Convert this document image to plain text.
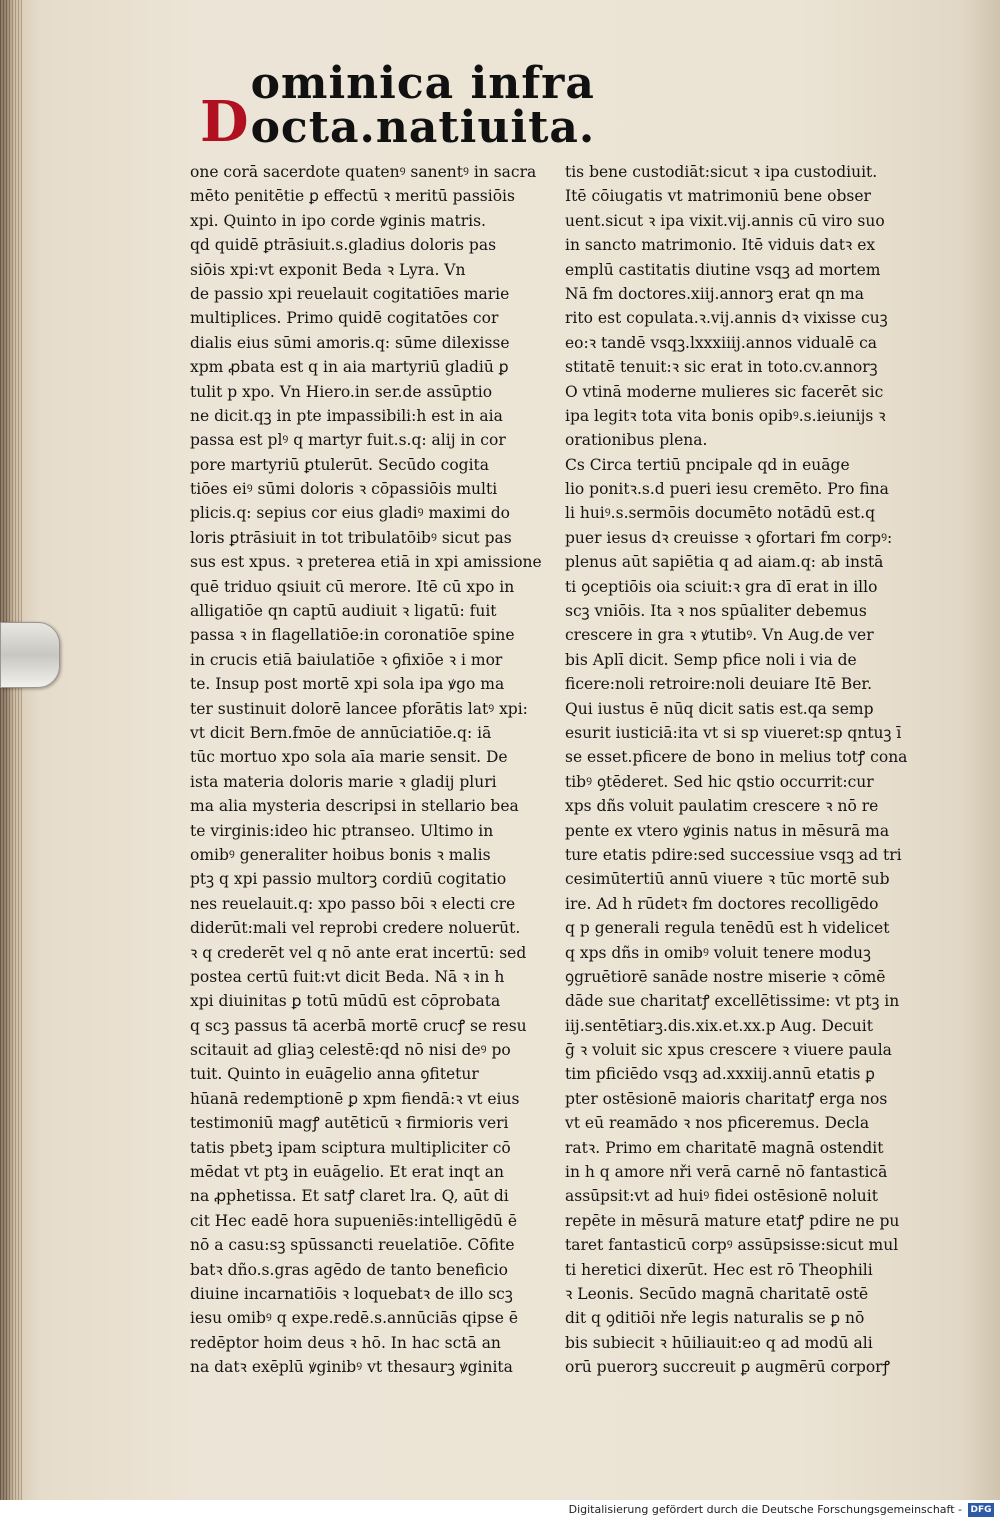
D
ominica infra octa.natiuita.
one corā sacerdote quatenꝰ sanentꝰ in sacra
mēto penitētie ꝑ effectū ꝛ meritū passiōis
xpi. Quinto in ipo corde ꝟginis matris.
qd quidē ꝑtrāsiuit.s.gladius doloris pas
siōis xpi:vt exponit Beda ꝛ Lyra. Vn
de passio xpi reuelauit cogitatiōes marie
multiplices. Primo quidē cogitatōes cor
dialis eius sūmi amoris.q: sūme dilexisse
xpm ꝓbata est q in aia martyriū gladiū ꝑ
tulit p xpo. Vn Hiero.in ser.de assūptio
ne dicit.qꝫ in pte impassibili:h est in aia
passa est plꝰ q martyr fuit.s.q: alij in cor
pore martyriū ꝑtulerūt. Secūdo cogita
tiōes eiꝰ sūmi doloris ꝛ cōpassiōis multi
plicis.q: sepius cor eius gladiꝰ maximi do
loris ꝑtrāsiuit in tot tribulatōibꝰ sicut pas
sus est xpus. ꝛ preterea etiā in xpi amissione
quē triduo qsiuit cū merore. Itē cū xpo in
alligatiōe qn captū audiuit ꝛ ligatū: fuit
passa ꝛ in flagellatiōe:in coronatiōe spine
in crucis etiā baiulatiōe ꝛ ꝯfixiōe ꝛ i mor
te. Insup post mortē xpi sola ipa ꝟgo ma
ter sustinuit dolorē lancee pforātis latꝰ xpi:
vt dicit Bern.fmōe de annūciatiōe.q: iā
tūc mortuo xpo sola aīa marie sensit. De
ista materia doloris marie ꝛ gladij pluri
ma alia mysteria descripsi in stellario bea
te virginis:ideo hic ptranseo. Ultimo in
omibꝰ generaliter hoibus bonis ꝛ malis
ptꝫ q xpi passio multorꝫ cordiū cogitatio
nes reuelauit.q: xpo passo bōi ꝛ electi cre
diderūt:mali vel reprobi credere noluerūt.
ꝛ q crederēt vel q nō ante erat incertū: sed
postea certū fuit:vt dicit Beda. Nā ꝛ in h
xpi diuinitas ꝑ totū mūdū est cōprobata
q scꝫ passus tā acerbā mortē crucꝭ se resu
scitauit ad gliaꝫ celestē:qd nō nisi deꝰ po
tuit. Quinto in euāgelio anna ꝯfitetur
hūanā redemptionē ꝑ xpm fiendā:ꝛ vt eius
testimoniū magꝭ autēticū ꝛ firmioris veri
tatis pbetꝫ ipam sciptura multipliciter cō
mēdat vt ptꝫ in euāgelio. Et erat inqt an
na ꝓphetissa. Et satꝭ claret lra. Q, aūt di
cit Hec eadē hora supueniēs:intelligēdū ē
nō a casu:sꝫ spūssancti reuelatiōe. Cōfite
batꝛ dño.s.gras agēdo de tanto beneficio
diuine incarnatiōis ꝛ loquebatꝛ de illo scꝫ
iesu omibꝰ q expe.redē.s.annūciās qipse ē
redēptor hoim deus ꝛ hō. In hac sctā an
na datꝛ exēplū ꝟginibꝰ vt thesaurꝫ ꝟginita
tis bene custodiāt:sicut ꝛ ipa custodiuit.
Itē cōiugatis vt matrimoniū bene obser
uent.sicut ꝛ ipa vixit.vij.annis cū viro suo
in sancto matrimonio. Itē viduis datꝛ ex
emplū castitatis diutine vsqꝫ ad mortem
Nā fm doctores.xiij.annorꝫ erat qn ma
rito est copulata.ꝛ.vij.annis dꝛ vixisse cuꝫ
eo:ꝛ tandē vsqꝫ.lxxxiiij.annos vidualē ca
stitatē tenuit:ꝛ sic erat in toto.cv.annorꝫ
O vtinā moderne mulieres sic facerēt sic
ipa legitꝛ tota vita bonis opibꝰ.s.ieiunijs ꝛ
orationibus plena.
Cs Circa tertiū pncipale qd in euāge
lio ponitꝛ.s.d pueri iesu cremēto. Pro fina
li huiꝰ.s.sermōis documēto notādū est.q
puer iesus dꝛ creuisse ꝛ ꝯfortari fm corpꝰ:
plenus aūt sapiētia q ad aiam.q: ab instā
ti ꝯceptiōis oia sciuit:ꝛ gra dī erat in illo
scꝫ vniōis. Ita ꝛ nos spūaliter debemus
crescere in gra ꝛ ꝟtutibꝰ. Vn Aug.de ver
bis Aplī dicit. Semp pfice noli i via de
ficere:noli retroire:noli deuiare Itē Ber.
Qui iustus ē nūq dicit satis est.qa semp
esurit iusticiā:ita vt si sp viueret:sp qntuꝫ ī
se esset.pficere de bono in melius totꝭ cona
tibꝰ ꝯtēderet. Sed hic qstio occurrit:cur
xps dñs voluit paulatim crescere ꝛ nō re
pente ex vtero ꝟginis natus in mēsurā ma
ture etatis pdire:sed successiue vsqꝫ ad tri
cesimūtertiū annū viuere ꝛ tūc mortē sub
ire. Ad h rūdetꝛ fm doctores recolligēdo
q p generali regula tenēdū est h videlicet
q xps dñs in omibꝰ voluit tenere moduꝫ
ꝯgruētiorē sanāde nostre miserie ꝛ cōmē
dāde sue charitatꝭ excellētissime: vt ptꝫ in
iij.sentētiarꝫ.dis.xix.et.xx.p Aug. Decuit
ḡ ꝛ voluit sic xpus crescere ꝛ viuere paula
tim pficiēdo vsqꝫ ad.xxxiij.annū etatis ꝑ
pter ostēsionē maioris charitatꝭ erga nos
vt eū reamādo ꝛ nos pficeremus. Decla
ratꝛ. Primo em charitatē magnā ostendit
in h q amore nři verā carnē nō fantasticā
assūpsit:vt ad huiꝰ fidei ostēsionē noluit
repēte in mēsurā mature etatꝭ pdire ne pu
taret fantasticū corpꝰ assūpsisse:sicut mul
ti heretici dixerūt. Hec est rō Theophili
ꝛ Leonis. Secūdo magnā charitatē ostē
dit q ꝯditiōi nře legis naturalis se ꝑ nō
bis subiecit ꝛ hūiliauit:eo q ad modū ali
orū puerorꝫ succreuit ꝑ augmērū corporꝭ
Digitalisierung gefördert durch die Deutsche Forschungsgemeinschaft - DFG
